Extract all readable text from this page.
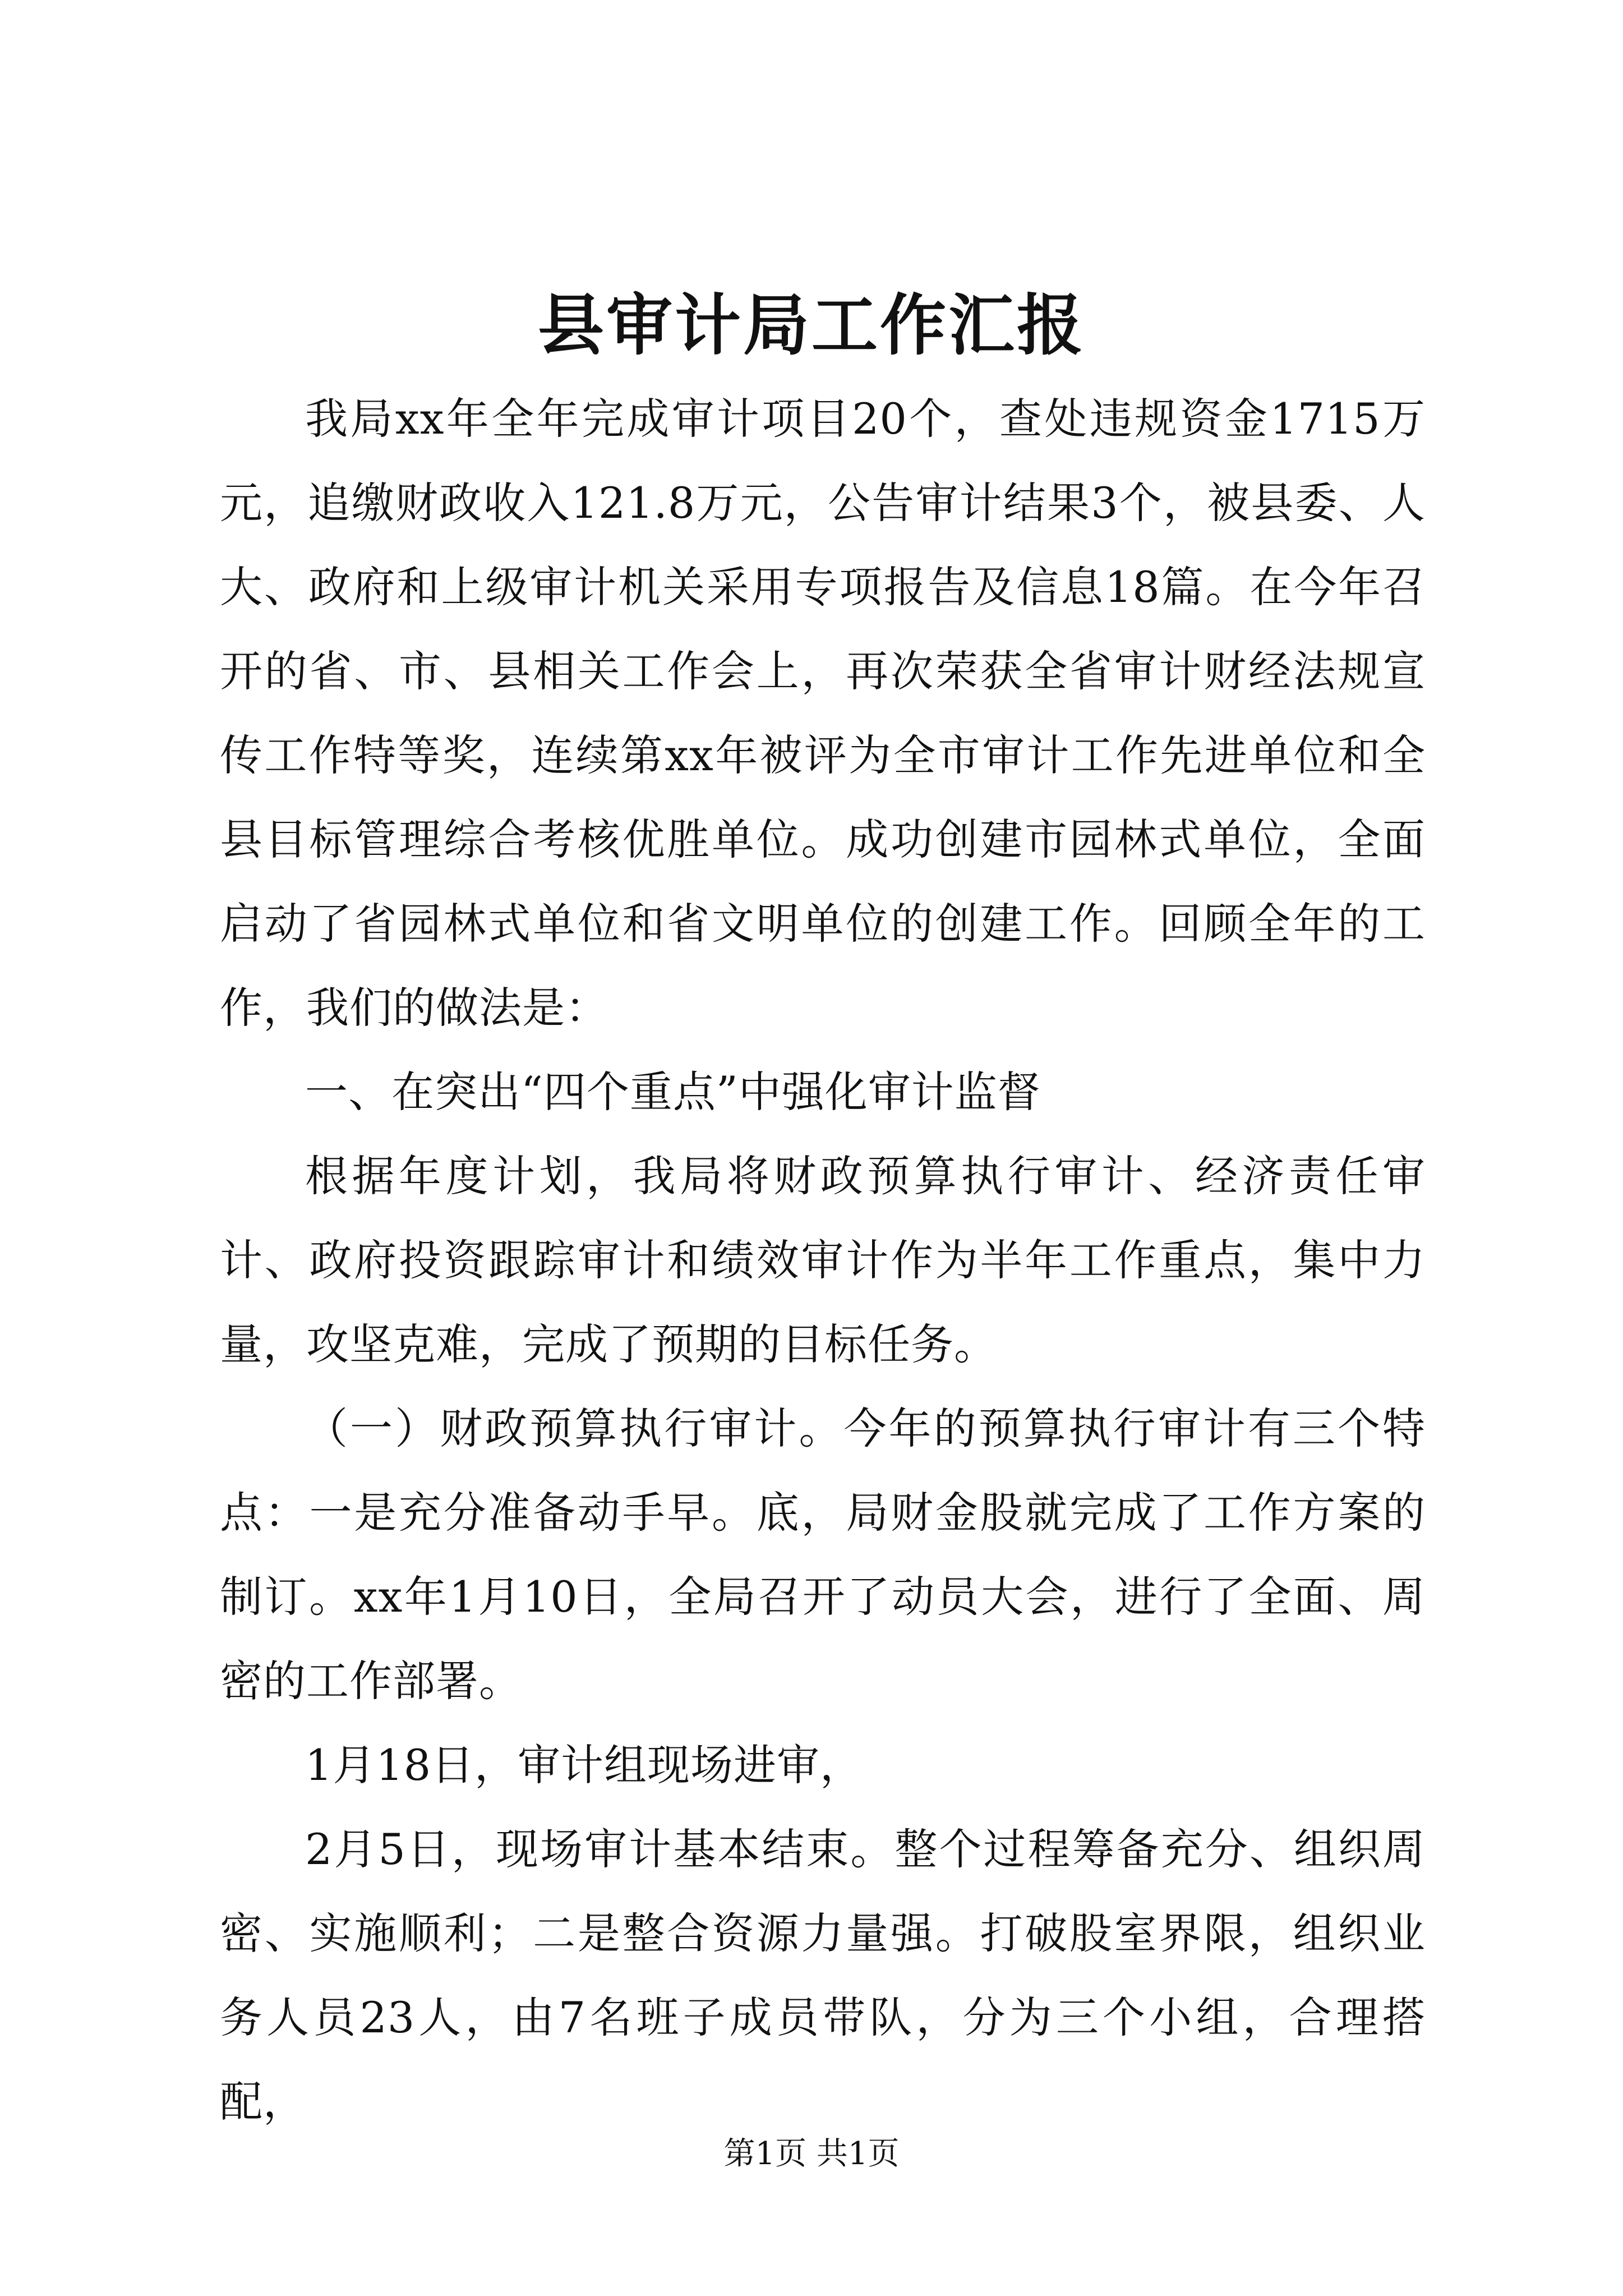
县审计局工作汇报

我局xx年全年完成审计项目20个，查处违规资金1715万元，追缴财政收入121.8万元，公告审计结果3个，被县委、人大、政府和上级审计机关采用专项报告及信息18篇。在今年召开的省、市、县相关工作会上，再次荣获全省审计财经法规宣传工作特等奖，连续第xx年被评为全市审计工作先进单位和全县目标管理综合考核优胜单位。成功创建市园林式单位，全面启动了省园林式单位和省文明单位的创建工作。回顾全年的工作，我们的做法是：

一、在突出“四个重点”中强化审计监督

根据年度计划，我局将财政预算执行审计、经济责任审计、政府投资跟踪审计和绩效审计作为半年工作重点，集中力量，攻坚克难，完成了预期的目标任务。

（一）财政预算执行审计。今年的预算执行审计有三个特点：一是充分准备动手早。底，局财金股就完成了工作方案的制订。xx年1月10日，全局召开了动员大会，进行了全面、周密的工作部署。

1月18日，审计组现场进审，

2月5日，现场审计基本结束。整个过程筹备充分、组织周密、实施顺利；二是整合资源力量强。打破股室界限，组织业务人员23人，由7名班子成员带队，分为三个小组，合理搭配，

第1页 共1页
